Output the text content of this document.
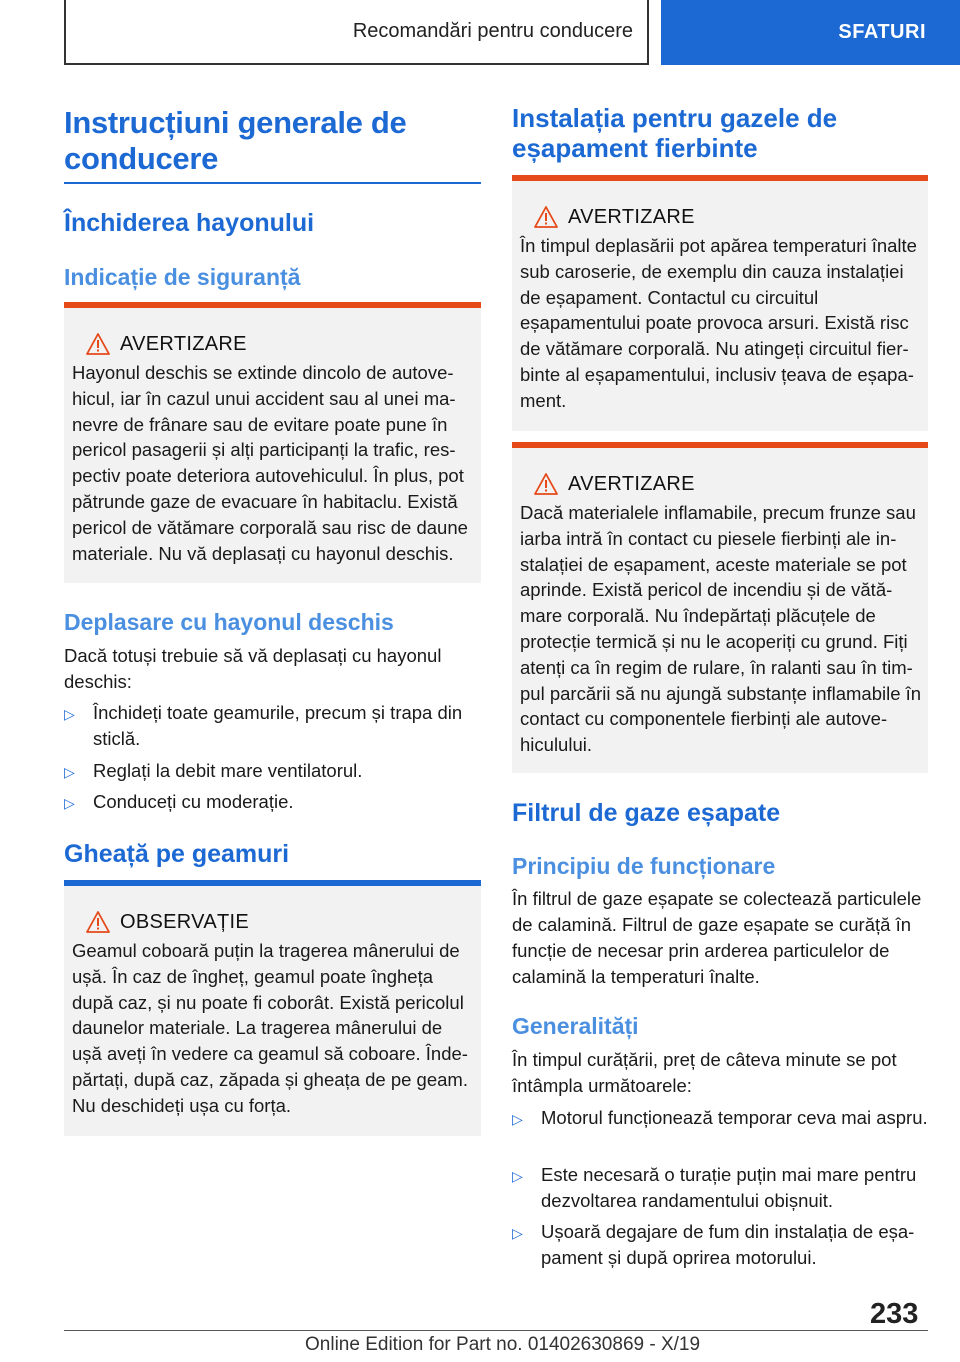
Recomandări pentru conducere	SFATURI
Instrucțiuni generale de conducere
Închiderea hayonului
Indicație de siguranță
AVERTIZARE
Hayonul deschis se extinde dincolo de autovehicul, iar în cazul unui accident sau al unei manevre de frânare sau de evitare poate pune în pericol pasagerii și alți participanți la trafic, respectiv poate deteriora autovehiculul. În plus, pot pătrunde gaze de evacuare în habitaclu. Există pericol de vătămare corporală sau risc de daune materiale. Nu vă deplasați cu hayonul deschis.
Deplasare cu hayonul deschis
Dacă totuși trebuie să vă deplasați cu hayonul deschis:
▷ Închideți toate geamurile, precum și trapa din sticlă.
▷ Reglați la debit mare ventilatorul.
▷ Conduceți cu moderație.
Gheață pe geamuri
OBSERVAȚIE
Geamul coboară puțin la tragerea mânerului de ușă. În caz de îngheț, geamul poate îngheța după caz, și nu poate fi coborât. Există pericolul daunelor materiale. La tragerea mânerului de ușă aveți în vedere ca geamul să coboare. Îndepărtați, după caz, zăpada și gheața de pe geam. Nu deschideți ușa cu forța.
Instalația pentru gazele de eșapament fierbinte
AVERTIZARE
În timpul deplasării pot apărea temperaturi înalte sub caroserie, de exemplu din cauza instalației de eșapament. Contactul cu circuitul eșapamentului poate provoca arsuri. Există risc de vătămare corporală. Nu atingeți circuitul fierbinte al eșapamentului, inclusiv țeava de eșapament.
AVERTIZARE
Dacă materialele inflamabile, precum frunze sau iarba intră în contact cu piesele fierbinți ale instalației de eșapament, aceste materiale se pot aprinde. Există pericol de incendiu și de vătămare corporală. Nu îndepărtați plăcuțele de protecție termică și nu le acoperiți cu grund. Fiți atenți ca în regim de rulare, în ralanti sau în timpul parcării să nu ajungă substanțe inflamabile în contact cu componentele fierbinți ale autovehiculului.
Filtrul de gaze eșapate
Principiu de funcționare
În filtrul de gaze eșapate se colectează particulele de calamină. Filtrul de gaze eșapate se curăță în funcție de necesar prin arderea particulelor de calamină la temperaturi înalte.
Generalități
În timpul curățării, preț de câteva minute se pot întâmpla următoarele:
▷ Motorul funcționează temporar ceva mai aspru.
▷ Este necesară o turație puțin mai mare pentru dezvoltarea randamentului obișnuit.
▷ Ușoară degajare de fum din instalația de eșapament și după oprirea motorului.
233
Online Edition for Part no. 01402630869 - X/19
